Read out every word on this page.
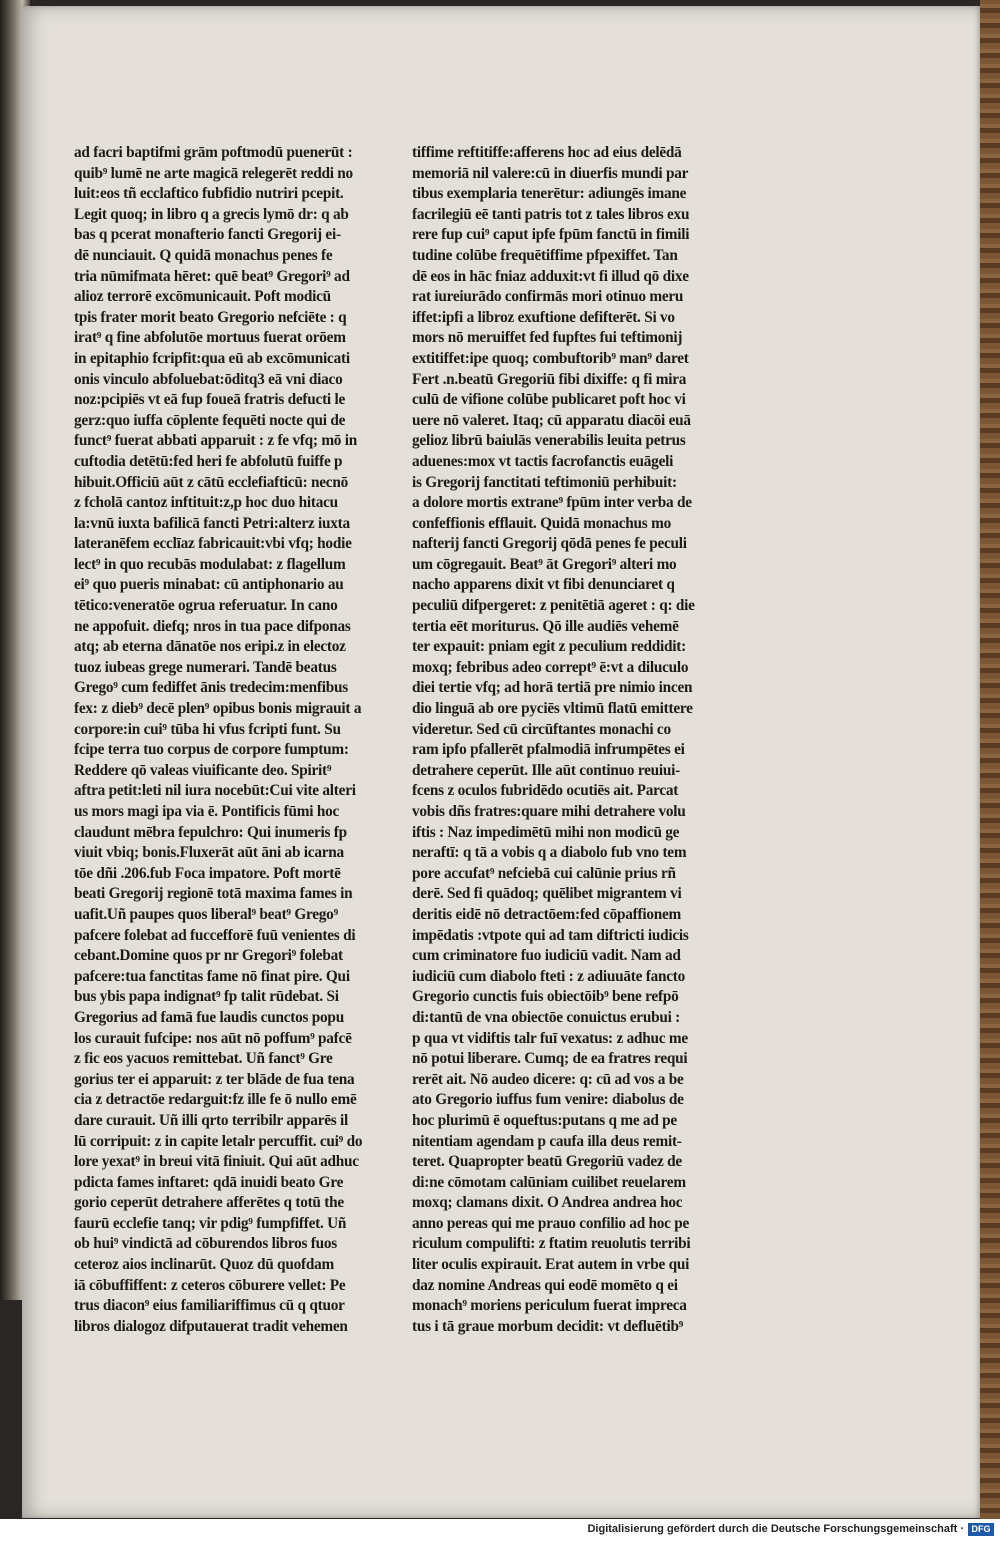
ad facri baptifmi grām poftmodū puenerūt :
quib⁹ lumē ne arte magicā relegerēt reddi no
luit:eos tñ ecclaftico fubfidio nutriri pcepit.
Legit quoq; in libro q a grecis lymō dr: q ab
bas q pcerat monafterio fancti Gregorij ei-
dē nunciauit. Q quidā monachus penes fe
tria nūmifmata hēret: quē beat⁹ Gregori⁹ ad
alioz terrorē excōmunicauit. Poft modicū
tpis frater morit beato Gregorio nefciēte : q
irat⁹ q fine abfolutōe mortuus fuerat orōem
in epitaphio fcripfit:qua eū ab excōmunicati
onis vinculo abfoluebat:ōditq3 eā vni diaco
noz:pcipiēs vt eā fup foueā fratris defucti le
gerz:quo iuffa cōplente fequēti nocte qui de
funct⁹ fuerat abbati apparuit : z fe vfq; mō in
cuftodia detētū:fed heri fe abfolutū fuiffe p
hibuit.Officiū aūt z cātū ecclefiafticū: necnō
z fcholā cantoz inftituit:z,p hoc duo hitacu
la:vnū iuxta bafilicā fancti Petri:alterz iuxta
lateranēfem ecclīaz fabricauit:vbi vfq; hodie
lect⁹ in quo recubās modulabat: z flagellum
ei⁹ quo pueris minabat: cū antiphonario au
tētico:veneratōe ogrua referuatur. In cano
ne appofuit. diefq; nros in tua pace difponas
atq; ab eterna dānatōe nos eripi.z in electoz
tuoz iubeas grege numerari. Tandē beatus
Grego⁹ cum fediffet ānis tredecim:menfibus
fex: z dieb⁹ decē plen⁹ opibus bonis migrauit a
corpore:in cui⁹ tūba hi vfus fcripti funt. Su
fcipe terra tuo corpus de corpore fumptum:
Reddere qō valeas viuificante deo. Spirit⁹
aftra petit:leti nil iura nocebūt:Cui vite alteri
us mors magi ipa via ē. Pontificis fūmi hoc
claudunt mēbra fepulchro: Qui inumeris fp
viuit vbiq; bonis.Fluxerāt aūt āni ab icarna
tōe dñi .206.fub Foca impatore. Poft mortē
beati Gregorij regionē totā maxima fames in
uafit.Uñ paupes quos liberal⁹ beat⁹ Grego⁹
pafcere folebat ad fuccefforē fuū venientes di
cebant.Domine quos pr nr Gregori⁹ folebat
pafcere:tua fanctitas fame nō finat pire. Qui
bus ybis papa indignat⁹ fp talit rūdebat. Si
Gregorius ad famā fue laudis cunctos popu
los curauit fufcipe: nos aūt nō poffum⁹ pafcē
z fic eos yacuos remittebat. Uñ fanct⁹ Gre
gorius ter ei apparuit: z ter blāde de fua tena
cia z detractōe redarguit:fz ille fe ō nullo emē
dare curauit. Uñ illi qrto terribilr apparēs il
lū corripuit: z in capite letalr percuffit. cui⁹ do
lore yexat⁹ in breui vitā finiuit. Qui aūt adhuc
pdicta fames inftaret: qdā inuidi beato Gre
gorio ceperūt detrahere afferētes q totū the
faurū ecclefie tanq; vir pdig⁹ fumpfiffet. Uñ
ob hui⁹ vindictā ad cōburendos libros fuos
ceteroz aios inclinarūt. Quoz dū quofdam
iā cōbuffiffent: z ceteros cōburere vellet: Pe
trus diacon⁹ eius familiariffimus cū q qtuor
libros dialogoz difputauerat tradit vehemen
tiffime reftitiffe:afferens hoc ad eius delēdā
memoriā nil valere:cū in diuerfis mundi par
tibus exemplaria tenerētur: adiungēs imane
facrilegiū eē tanti patris tot z tales libros exu
rere fup cui⁹ caput ipfe fpūm fanctū in fimili
tudine colūbe frequētiffime pfpexiffet. Tan
dē eos in hāc fniaz adduxit:vt fi illud qō dixe
rat iureiurādo confirmās mori otinuo meru
iffet:ipfi a libroz exuftione defifterēt. Si vo
mors nō meruiffet fed fupftes fui teftimonij
extitiffet:ipe quoq; combuftorib⁹ man⁹ daret
Fert .n.beatū Gregoriū fibi dixiffe: q fi mira
culū de vifione colūbe publicaret poft hoc vi
uere nō valeret. Itaq; cū apparatu diacōi euā
gelioz librū baiulās venerabilis leuita petrus
aduenes:mox vt tactis facrofanctis euāgeli
is Gregorij fanctitati teftimoniū perhibuit:
a dolore mortis extrane⁹ fpūm inter verba de
confeffionis efflauit. Quidā monachus mo
nafterij fancti Gregorij qōdā penes fe peculi
um cōgregauit. Beat⁹ āt Gregori⁹ alteri mo
nacho apparens dixit vt fibi denunciaret q
peculiū difpergeret: z penitētiā ageret : q: die
tertia eēt moriturus. Qō ille audiēs vehemē
ter expauit: pniam egit z peculium reddidit:
moxq; febribus adeo corrept⁹ ē:vt a diluculo
diei tertie vfq; ad horā tertiā pre nimio incen
dio linguā ab ore pyciēs vltimū flatū emittere
videretur. Sed cū circūftantes monachi co
ram ipfo pfallerēt pfalmodiā infrumpētes ei
detrahere ceperūt. Ille aūt continuo reuiui-
fcens z oculos fubridēdo ocutiēs ait. Parcat
vobis dñs fratres:quare mihi detrahere volu
iftis : Naz impedimētū mihi non modicū ge
neraftī: q tā a vobis q a diabolo fub vno tem
pore accufat⁹ nefciebā cui calūnie prius rñ
derē. Sed fi quādoq; quēlibet migrantem vi
deritis eidē nō detractōem:fed cōpaffionem
impēdatis :vtpote qui ad tam diftricti iudicis
cum criminatore fuo iudiciū vadit. Nam ad
iudiciū cum diabolo fteti : z adiuuāte fancto
Gregorio cunctis fuis obiectōib⁹ bene refpō
di:tantū de vna obiectōe conuictus erubui :
p qua vt vidiftis talr fuī vexatus: z adhuc me
nō potui liberare. Cumq; de ea fratres requi
rerēt ait. Nō audeo dicere: q: cū ad vos a be
ato Gregorio iuffus fum venire: diabolus de
hoc plurimū ē oqueftus:putans q me ad pe
nitentiam agendam p caufa illa deus remit-
teret. Quapropter beatū Gregoriū vadez de
di:ne cōmotam calūniam cuilibet reuelarem
moxq; clamans dixit. O Andrea andrea hoc
anno pereas qui me prauo confilio ad hoc pe
riculum compulifti: z ftatim reuolutis terribi
liter oculis expirauit. Erat autem in vrbe qui
daz nomine Andreas qui eodē momēto q ei
monach⁹ moriens periculum fuerat impreca
tus i tā graue morbum decidit: vt defluētib⁹
Digitalisierung gefördert durch die Deutsche Forschungsgemeinschaft · DFG
